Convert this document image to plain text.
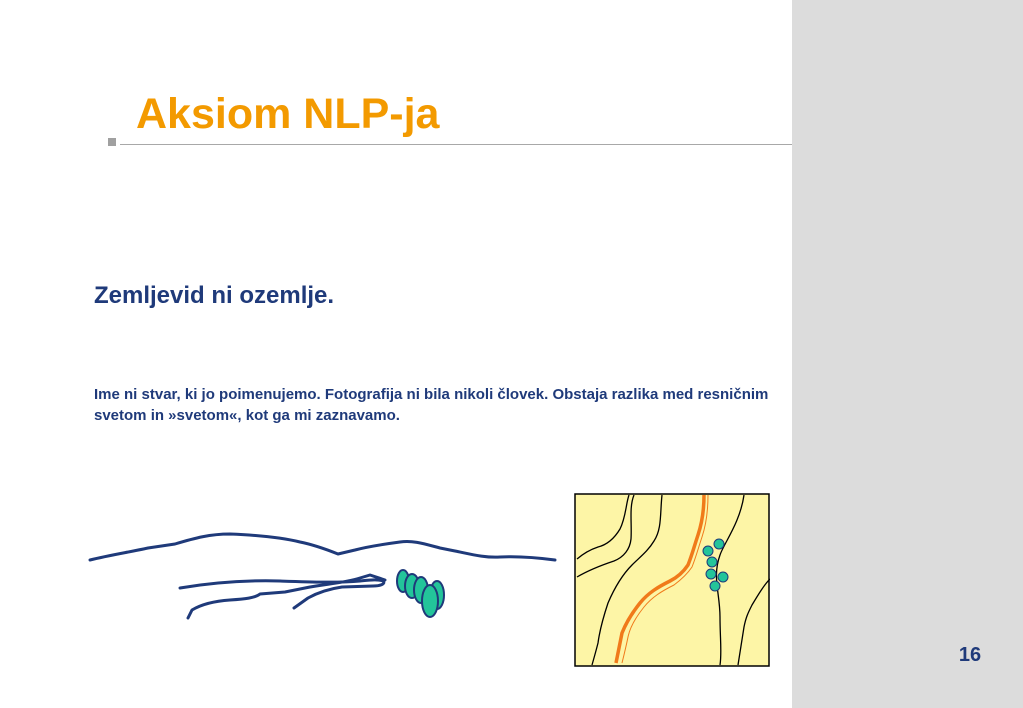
Aksiom NLP-ja
Zemljevid ni ozemlje.

Ime ni stvar, ki jo poimenujemo. Fotografija ni bila nikoli človek. Obstaja razlika med resničnim svetom in »svetom«, kot ga mi zaznavamo.

16
